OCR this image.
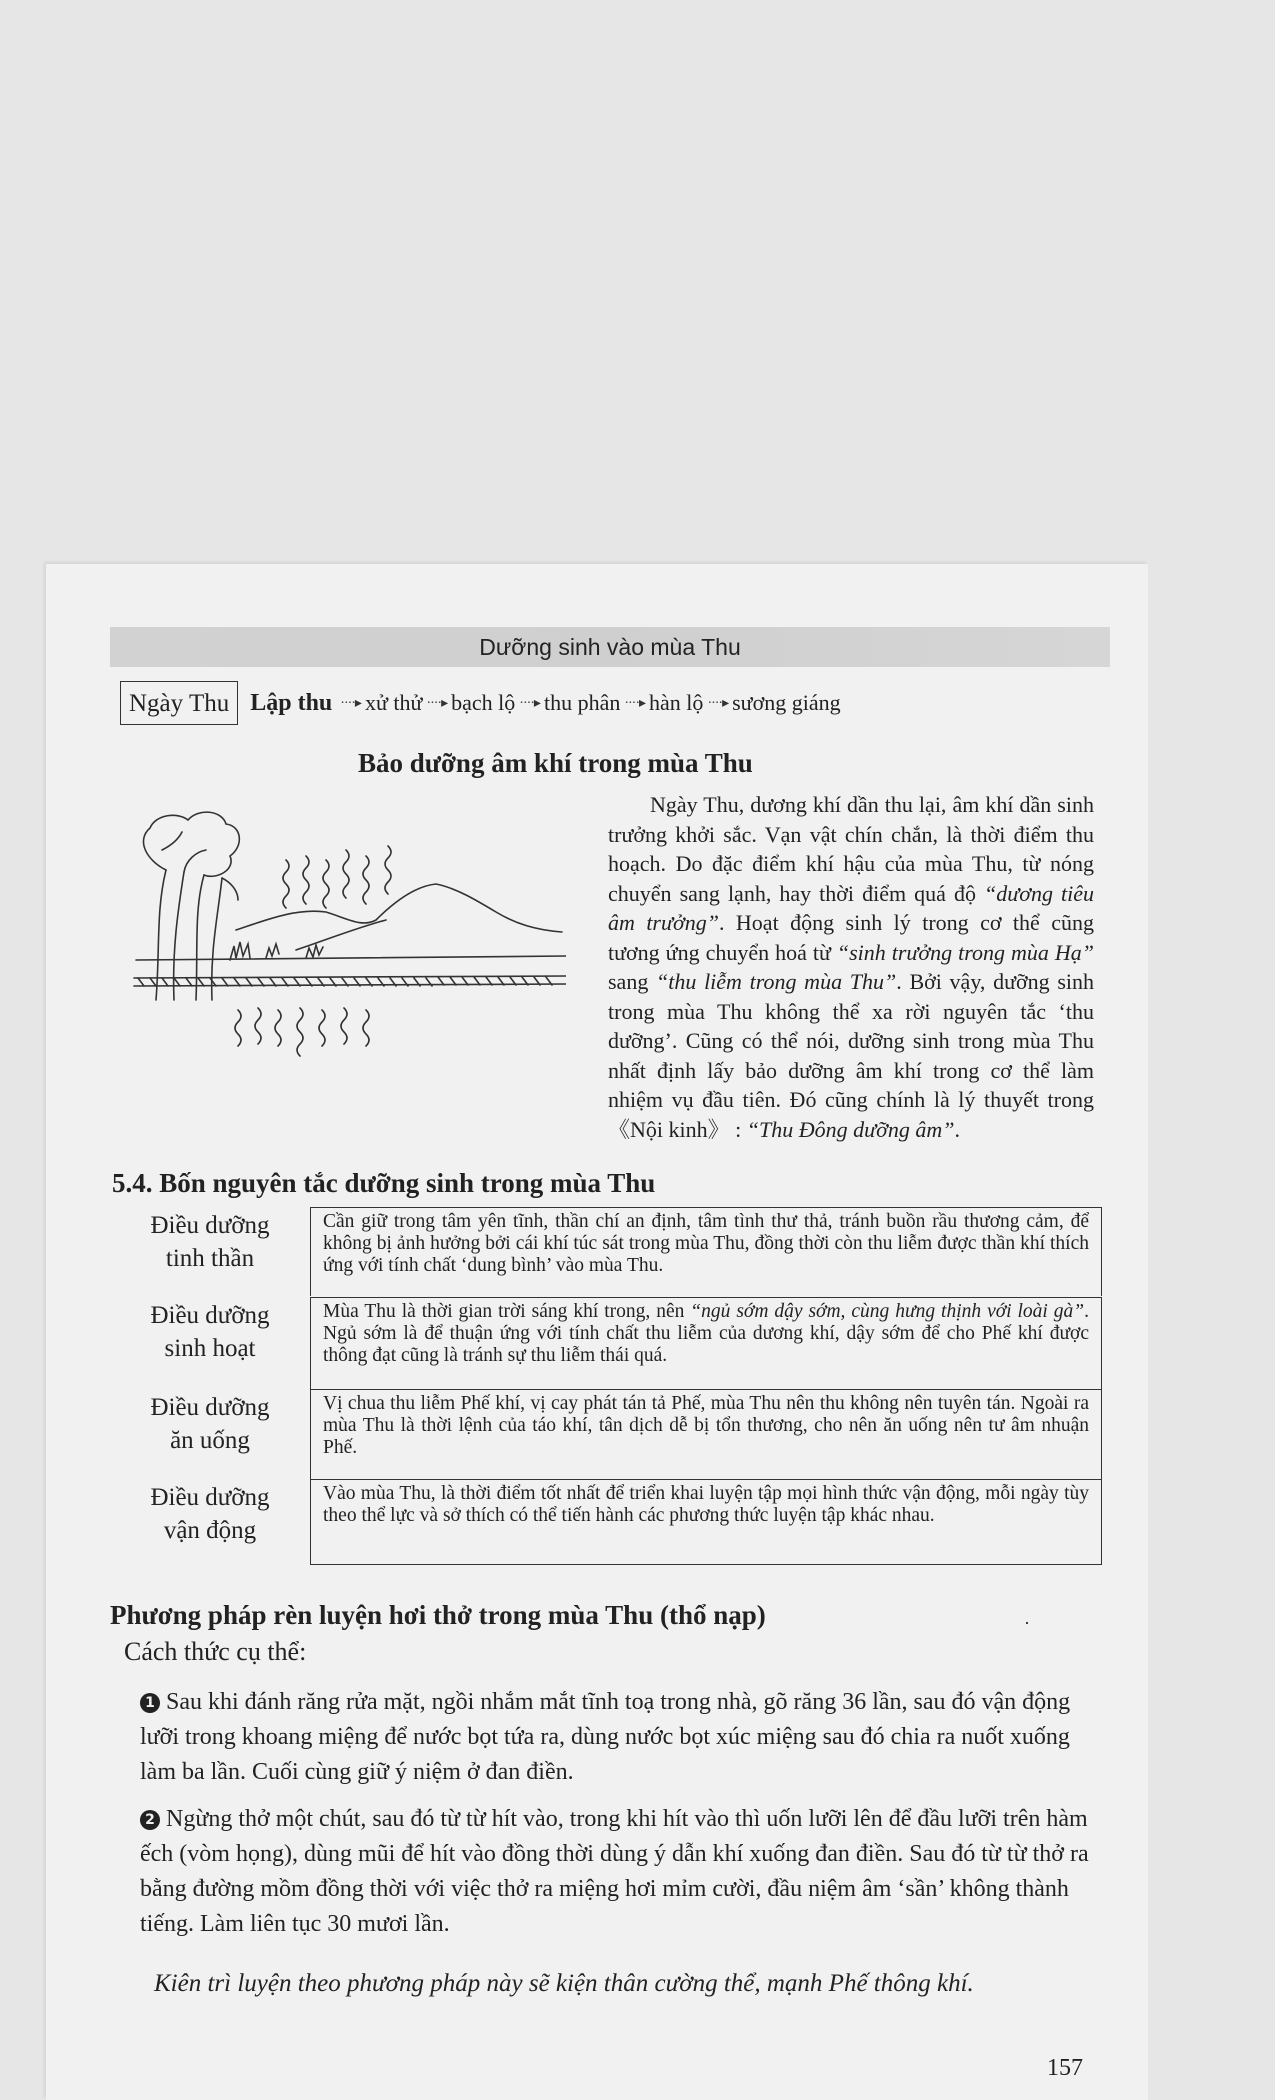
Dưỡng sinh vào mùa Thu
Ngày Thu Lập thu ····▸ xử thử ····▸ bạch lộ ····▸ thu phân ····▸ hàn lộ ····▸ sương giáng
Bảo dưỡng âm khí trong mùa Thu
Ngày Thu, dương khí dần thu lại, âm khí dần sinh trưởng khởi sắc. Vạn vật chín chắn, là thời điểm thu hoạch. Do đặc điểm khí hậu của mùa Thu, từ nóng chuyển sang lạnh, hay thời điểm quá độ “dương tiêu âm trưởng”. Hoạt động sinh lý trong cơ thể cũng tương ứng chuyển hoá từ “sinh trưởng trong mùa Hạ” sang “thu liễm trong mùa Thu”. Bởi vậy, dưỡng sinh trong mùa Thu không thể xa rời nguyên tắc ‘thu dưỡng’. Cũng có thể nói, dưỡng sinh trong mùa Thu nhất định lấy bảo dưỡng âm khí trong cơ thể làm nhiệm vụ đầu tiên. Đó cũng chính là lý thuyết trong 《Nội kinh》 : “Thu Đông dưỡng âm”.
5.4. Bốn nguyên tắc dưỡng sinh trong mùa Thu
Điều dưỡng
tinh thần
Cần giữ trong tâm yên tĩnh, thần chí an định, tâm tình thư thả, tránh buồn rầu thương cảm, để không bị ảnh hưởng bởi cái khí túc sát trong mùa Thu, đồng thời còn thu liễm được thần khí thích ứng với tính chất ‘dung bình’ vào mùa Thu.
Điều dưỡng
sinh hoạt
Mùa Thu là thời gian trời sáng khí trong, nên “ngủ sớm dậy sớm, cùng hưng thịnh với loài gà”. Ngủ sớm là để thuận ứng với tính chất thu liễm của dương khí, dậy sớm để cho Phế khí được thông đạt cũng là tránh sự thu liễm thái quá.
Điều dưỡng
ăn uống
Vị chua thu liễm Phế khí, vị cay phát tán tả Phế, mùa Thu nên thu không nên tuyên tán. Ngoài ra mùa Thu là thời lệnh của táo khí, tân dịch dễ bị tổn thương, cho nên ăn uống nên tư âm nhuận Phế.
Điều dưỡng
vận động
Vào mùa Thu, là thời điểm tốt nhất để triển khai luyện tập mọi hình thức vận động, mỗi ngày tùy theo thể lực và sở thích có thể tiến hành các phương thức luyện tập khác nhau.
Phương pháp rèn luyện hơi thở trong mùa Thu (thổ nạp)	·
Cách thức cụ thể:
1 Sau khi đánh răng rửa mặt, ngồi nhắm mắt tĩnh toạ trong nhà, gõ răng 36 lần, sau đó vận động lưỡi trong khoang miệng để nước bọt tứa ra, dùng nước bọt xúc miệng sau đó chia ra nuốt xuống làm ba lần. Cuối cùng giữ ý niệm ở đan điền.
2 Ngừng thở một chút, sau đó từ từ hít vào, trong khi hít vào thì uốn lưỡi lên để đầu lưỡi trên hàm ếch (vòm họng), dùng mũi để hít vào đồng thời dùng ý dẫn khí xuống đan điền. Sau đó từ từ thở ra bằng đường mồm đồng thời với việc thở ra miệng hơi mỉm cười, đầu niệm âm ‘sần’ không thành tiếng. Làm liên tục 30 mươi lần.
Kiên trì luyện theo phương pháp này sẽ kiện thân cường thể, mạnh Phế thông khí.
157
